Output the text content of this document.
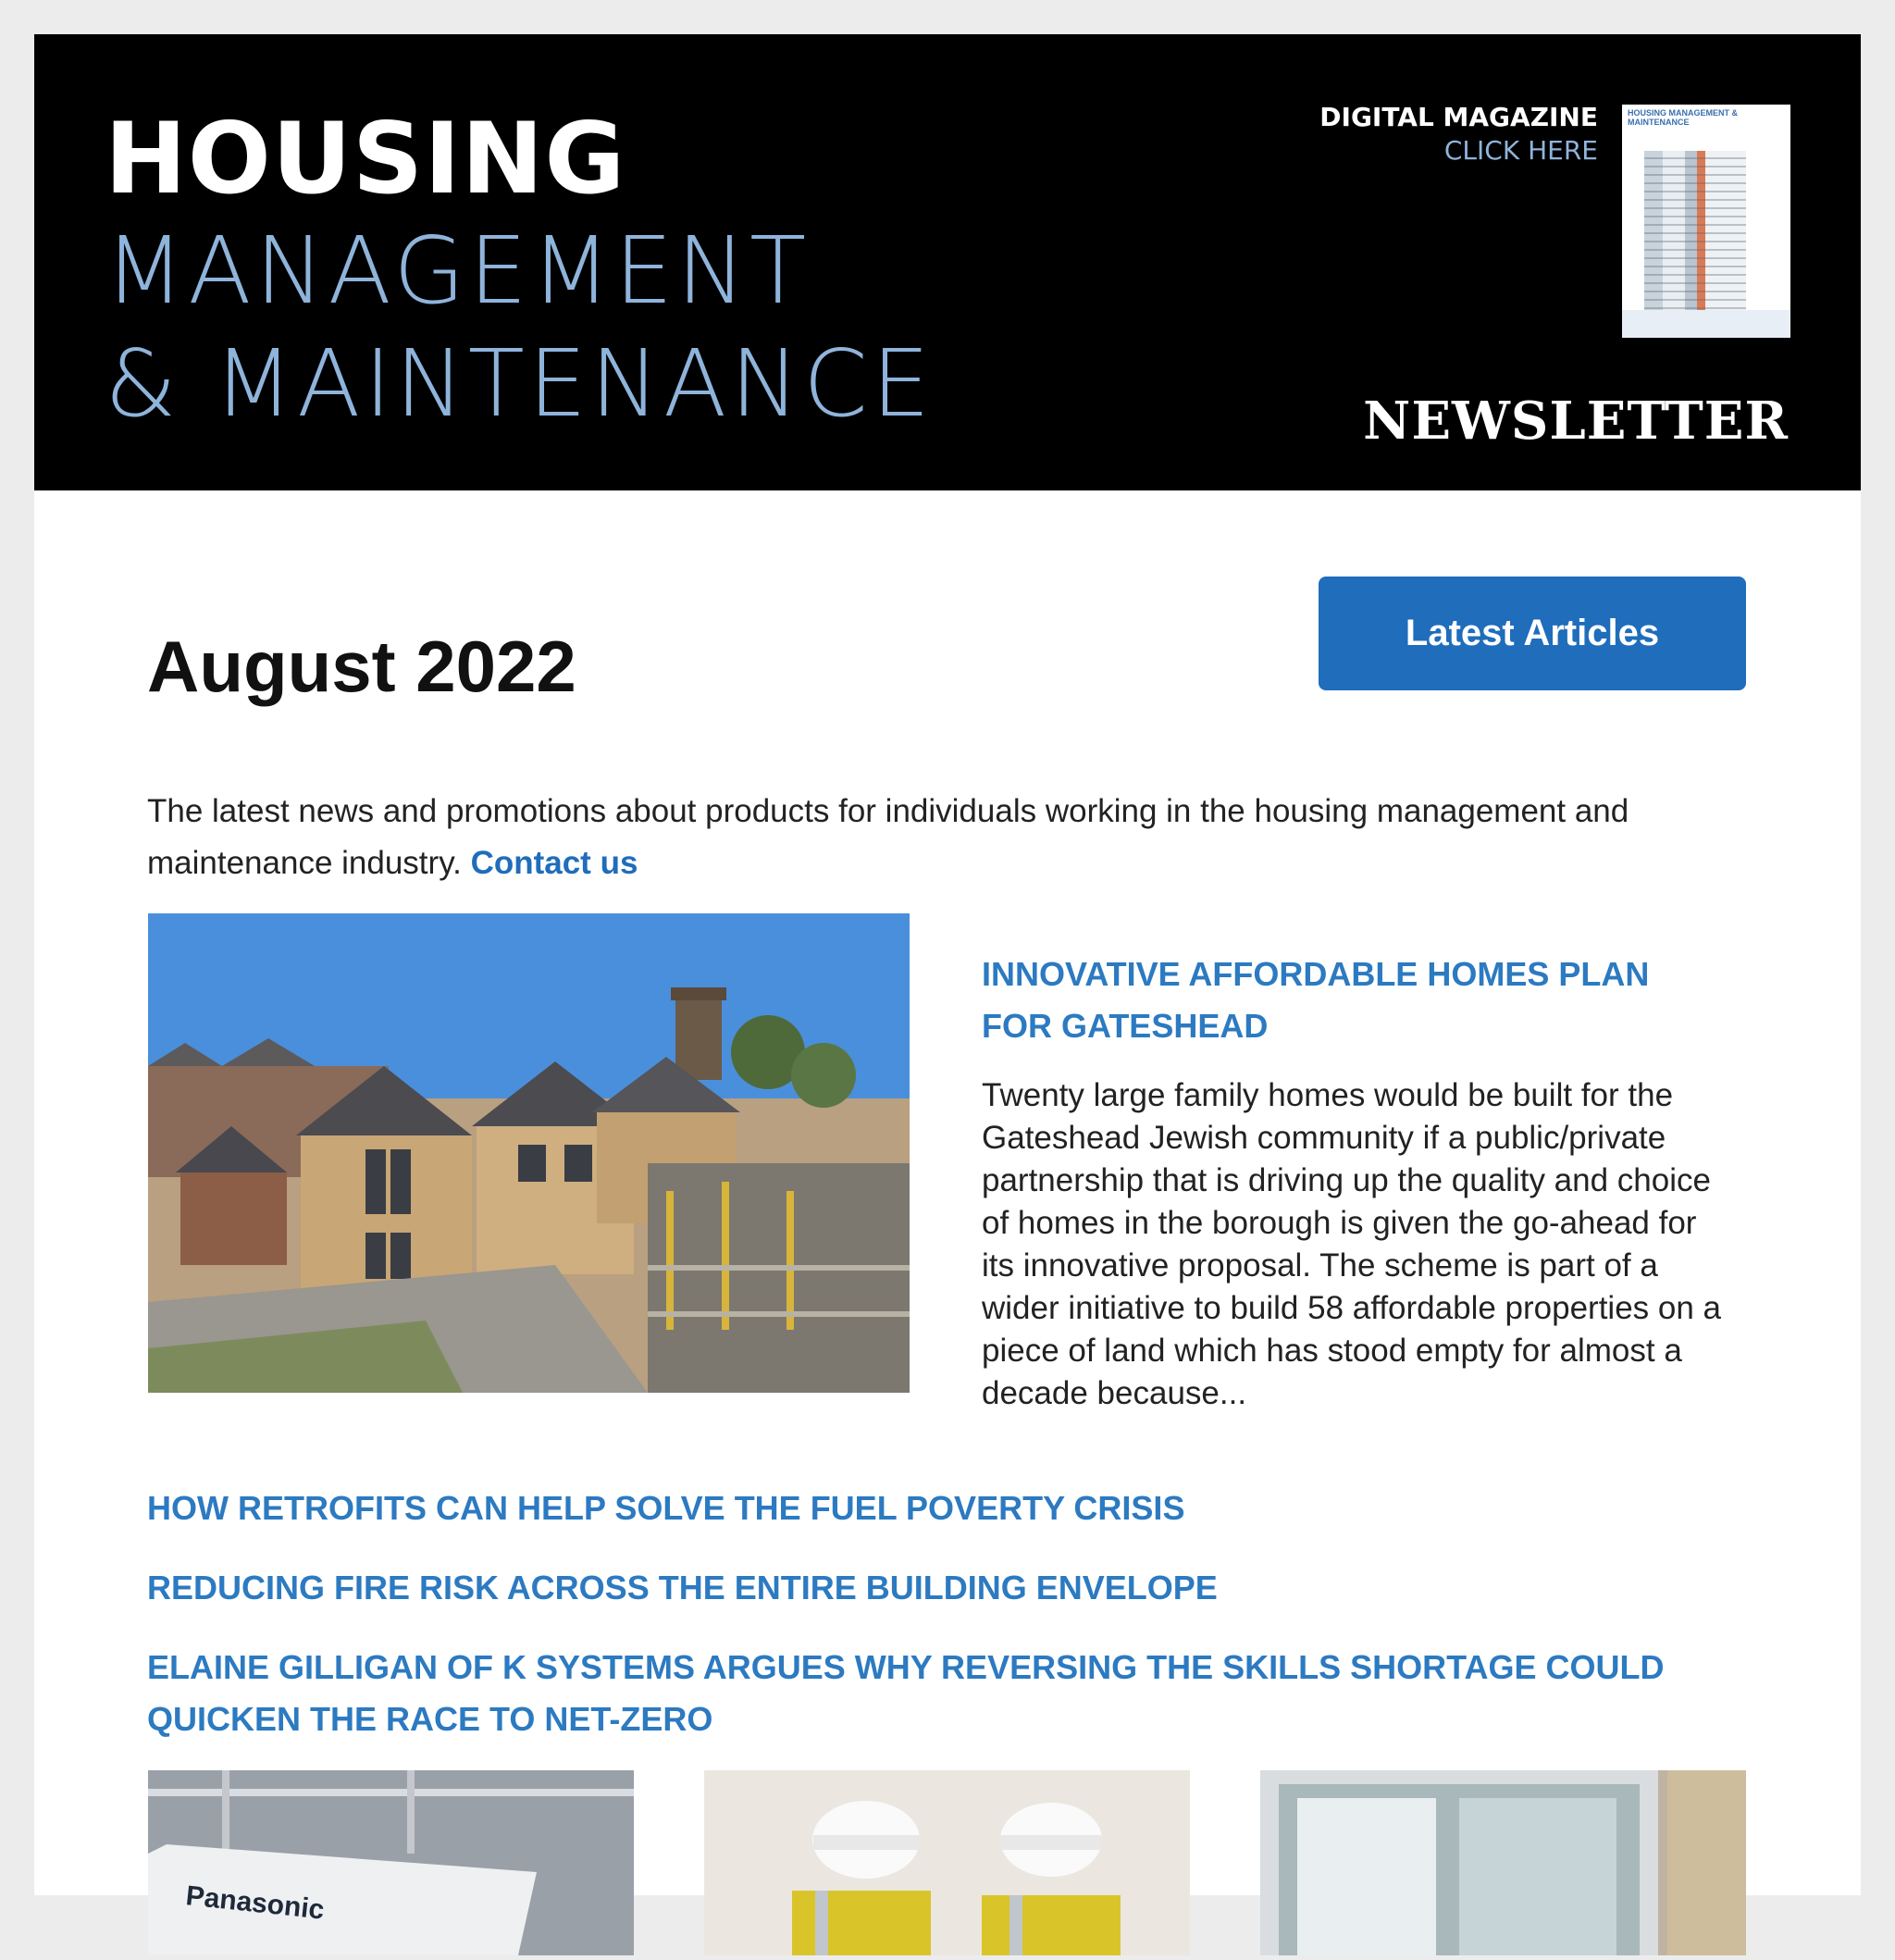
HOUSING
MANAGEMENT
& MAINTENANCE
DIGITAL MAGAZINE
CLICK HERE
HOUSING MANAGEMENT & MAINTENANCE
NEWSLETTER
August 2022	Latest Articles
The latest news and promotions about products for individuals working in the housing management and maintenance industry. Contact us
INNOVATIVE AFFORDABLE HOMES PLAN FOR GATESHEAD
Twenty large family homes would be built for the Gateshead Jewish community if a public/private partnership that is driving up the quality and choice of homes in the borough is given the go-ahead for its innovative proposal. The scheme is part of a wider initiative to build 58 affordable properties on a piece of land which has stood empty for almost a decade because...
HOW RETROFITS CAN HELP SOLVE THE FUEL POVERTY CRISIS
REDUCING FIRE RISK ACROSS THE ENTIRE BUILDING ENVELOPE
ELAINE GILLIGAN OF K SYSTEMS ARGUES WHY REVERSING THE SKILLS SHORTAGE COULD QUICKEN THE RACE TO NET-ZERO
Panasonic
